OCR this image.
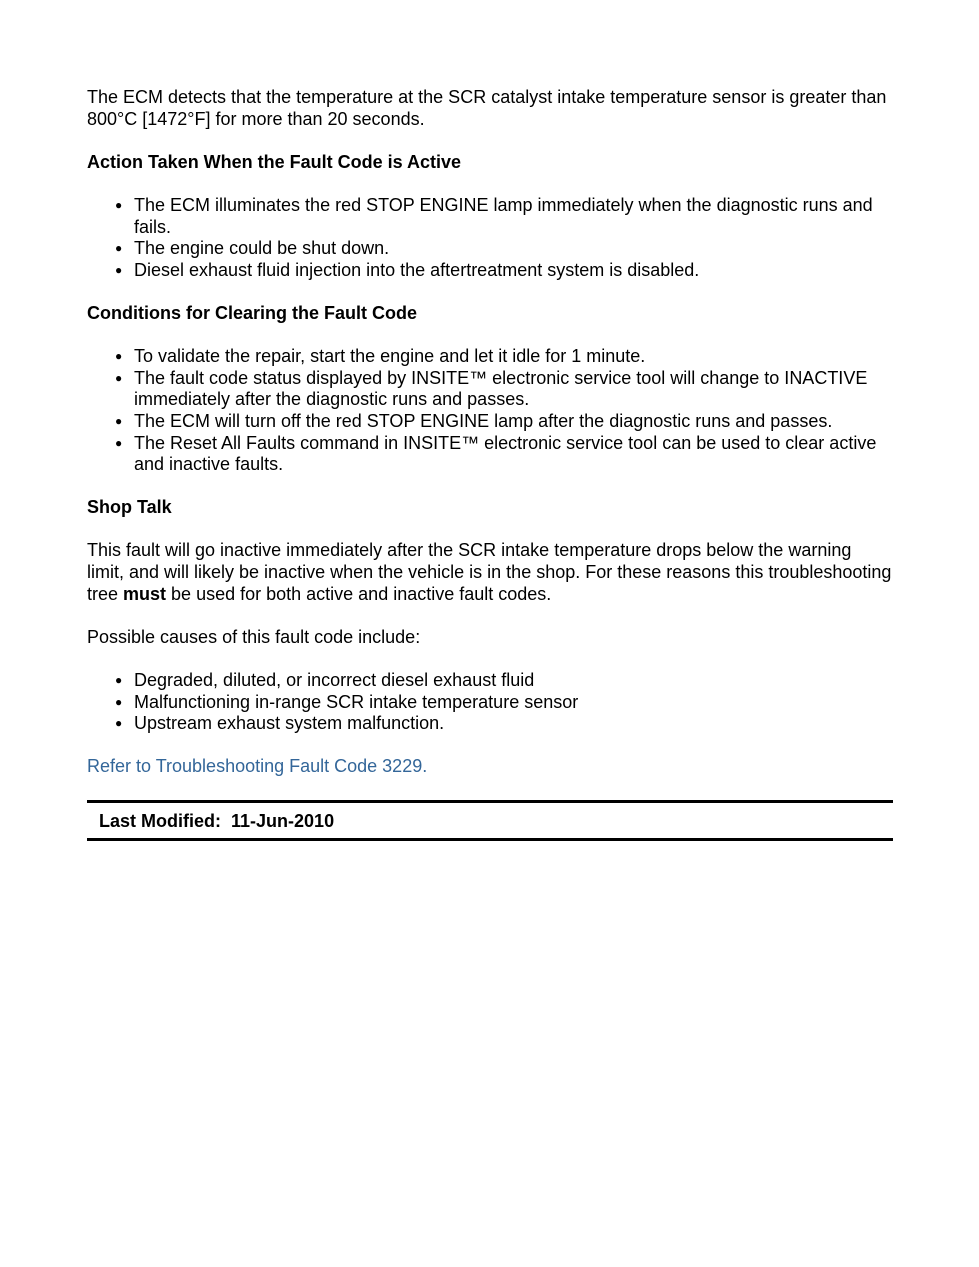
The ECM detects that the temperature at the SCR catalyst intake temperature sensor is greater than 800°C [1472°F] for more than 20 seconds.

Action Taken When the Fault Code is Active
● The ECM illuminates the red STOP ENGINE lamp immediately when the diagnostic runs and fails.
● The engine could be shut down.
● Diesel exhaust fluid injection into the aftertreatment system is disabled.
Conditions for Clearing the Fault Code
● To validate the repair, start the engine and let it idle for 1 minute.
● The fault code status displayed by INSITE™ electronic service tool will change to INACTIVE immediately after the diagnostic runs and passes.
● The ECM will turn off the red STOP ENGINE lamp after the diagnostic runs and passes.
● The Reset All Faults command in INSITE™ electronic service tool can be used to clear active and inactive faults.
Shop Talk

This fault will go inactive immediately after the SCR intake temperature drops below the warning limit, and will likely be inactive when the vehicle is in the shop. For these reasons this troubleshooting tree must be used for both active and inactive fault codes.

Possible causes of this fault code include:

● Degraded, diluted, or incorrect diesel exhaust fluid
● Malfunctioning in-range SCR intake temperature sensor
● Upstream exhaust system malfunction.

Refer to Troubleshooting Fault Code 3229.

Last Modified: 11-Jun-2010
